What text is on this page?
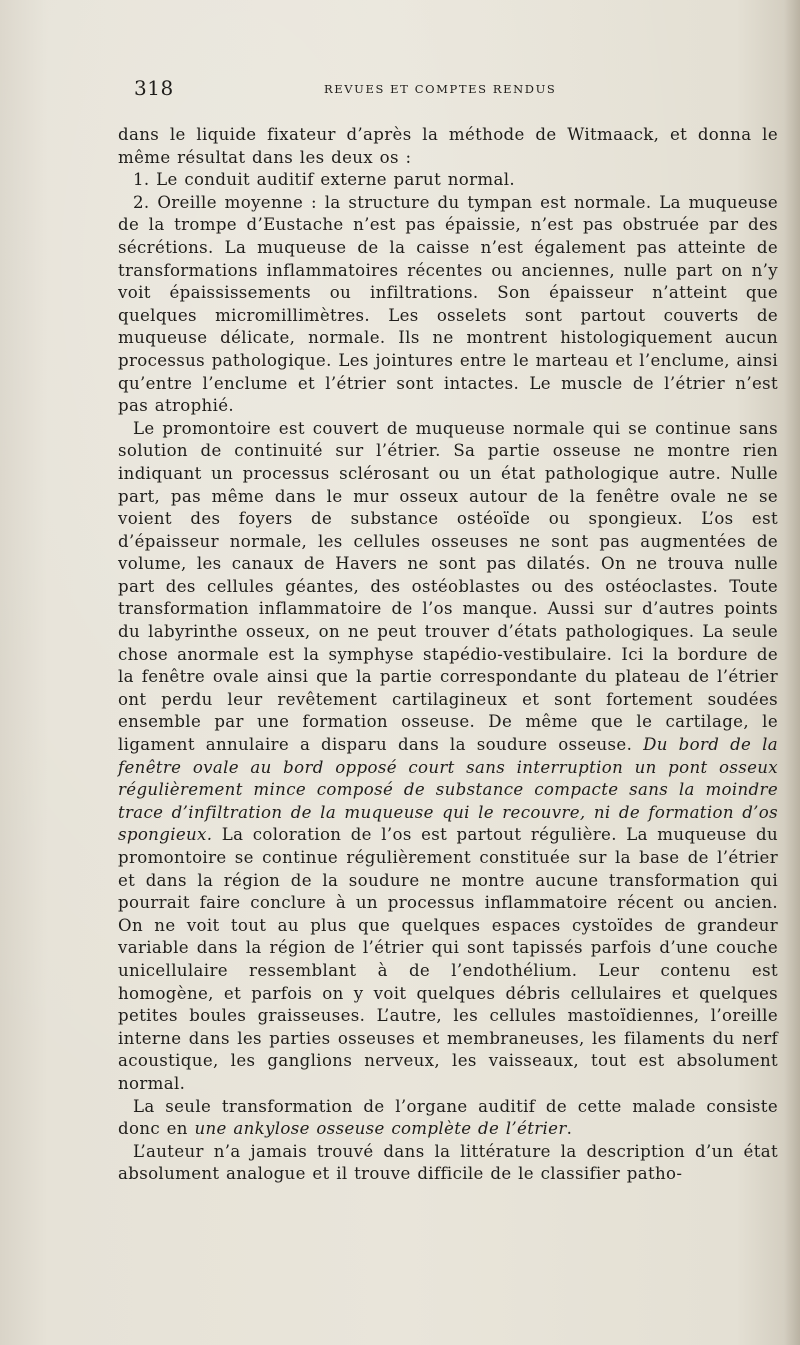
318	REVUES ET COMPTES RENDUS

dans le liquide fixateur d’après la méthode de Witmaack, et donna le même résultat dans les deux os :

1. Le conduit auditif externe parut normal.

2. Oreille moyenne : la structure du tympan est normale. La muqueuse de la trompe d’Eustache n’est pas épaissie, n’est pas obstruée par des sécrétions. La muqueuse de la caisse n’est également pas atteinte de transformations inflammatoires récentes ou anciennes, nulle part on n’y voit épaississements ou infiltrations. Son épaisseur n’atteint que quelques micromillimètres. Les osselets sont partout couverts de muqueuse délicate, normale. Ils ne montrent histologiquement aucun processus pathologique. Les jointures entre le marteau et l’enclume, ainsi qu’entre l’enclume et l’étrier sont intactes. Le muscle de l’étrier n’est pas atrophié.

Le promontoire est couvert de muqueuse normale qui se continue sans solution de continuité sur l’étrier. Sa partie osseuse ne montre rien indiquant un processus sclérosant ou un état pathologique autre. Nulle part, pas même dans le mur osseux autour de la fenêtre ovale ne se voient des foyers de substance ostéoïde ou spongieux. L’os est d’épaisseur normale, les cellules osseuses ne sont pas augmentées de volume, les canaux de Havers ne sont pas dilatés. On ne trouva nulle part des cellules géantes, des ostéoblastes ou des ostéoclastes. Toute transformation inflammatoire de l’os manque. Aussi sur d’autres points du labyrinthe osseux, on ne peut trouver d’états pathologiques. La seule chose anormale est la symphyse stapédio-vestibulaire. Ici la bordure de la fenêtre ovale ainsi que la partie correspondante du plateau de l’étrier ont perdu leur revêtement cartilagineux et sont fortement soudées ensemble par une formation osseuse. De même que le cartilage, le ligament annulaire a disparu dans la soudure osseuse. Du bord de la fenêtre ovale au bord opposé court sans interruption un pont osseux régulièrement mince composé de substance compacte sans la moindre trace d’infiltration de la muqueuse qui le recouvre, ni de formation d’os spongieux. La coloration de l’os est partout régulière. La muqueuse du promontoire se continue régulièrement constituée sur la base de l’étrier et dans la région de la soudure ne montre aucune transformation qui pourrait faire conclure à un processus inflammatoire récent ou ancien. On ne voit tout au plus que quelques espaces cystoïdes de grandeur variable dans la région de l’étrier qui sont tapissés parfois d’une couche unicellulaire ressemblant à de l’endothélium. Leur contenu est homogène, et parfois on y voit quelques débris cellulaires et quelques petites boules graisseuses. L’autre, les cellules mastoïdiennes, l’oreille interne dans les parties osseuses et membraneuses, les filaments du nerf acoustique, les ganglions nerveux, les vaisseaux, tout est absolument normal.

La seule transformation de l’organe auditif de cette malade consiste donc en une ankylose osseuse complète de l’étrier.

L’auteur n’a jamais trouvé dans la littérature la description d’un état absolument analogue et il trouve difficile de le classifier patho-
